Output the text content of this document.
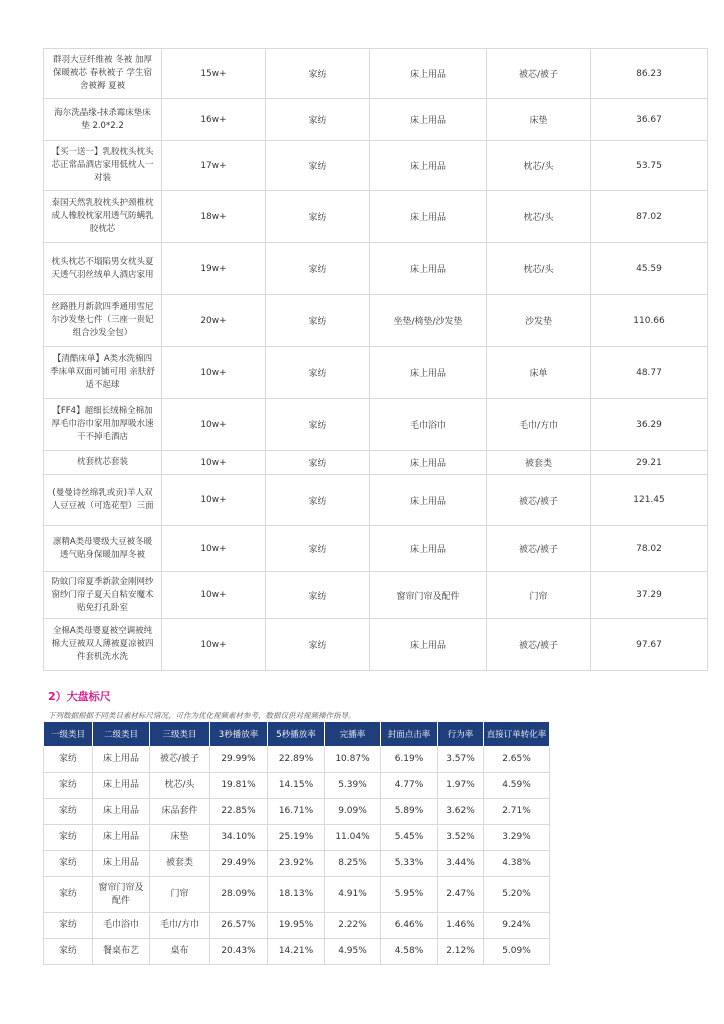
群羽大豆纤维被 冬被 加厚保暖被芯 春秋被子 学生宿舍被褥 夏被	15w+	家纺	床上用品	被芯/被子	86.23
海尔洗晶缘-抹杀霉床垫床垫 2.0*2.2	16w+	家纺	床上用品	床垫	36.67
【买一送一】乳胶枕头枕头芯正常品酒店家用低枕人一对装	17w+	家纺	床上用品	枕芯/头	53.75
泰国天然乳胶枕头护颈椎枕成人橡胶枕家用透气防螨乳胶枕芯	18w+	家纺	床上用品	枕芯/头	87.02
枕头枕芯不塌陷男女枕头夏天透气羽丝绒单人酒店家用	19w+	家纺	床上用品	枕芯/头	45.59
丝路胜月新款四季通用雪尼尔沙发垫七件（三座一贵妃组合沙发全包）	20w+	家纺	坐垫/椅垫/沙发垫	沙发垫	110.66
【清酷床单】A类水洗棉四季床单双面可铺可用 亲肤舒适不起球	10w+	家纺	床上用品	床单	48.77
【FF4】超细长绒棉全棉加厚毛巾浴巾家用加厚吸水速干不掉毛酒店	10w+	家纺	毛巾浴巾	毛巾/方巾	36.29
枕套枕芯套装	10w+	家纺	床上用品	被套类	29.21
(曼曼诗丝绵乳或贡)羊人双人豆豆被（可选花型）三面	10w+	家纺	床上用品	被芯/被子	121.45
凛精A类母婴级大豆被冬暖透气贴身保暖加厚冬被	10w+	家纺	床上用品	被芯/被子	78.02
防蚊门帘夏季新款金刚网纱窗纱门帘子夏天自粘安魔术贴免打孔卧室	10w+	家纺	窗帘门帘及配件	门帘	37.29
全棉A类母婴夏被空调被纯棉大豆被双人薄被夏凉被四件套机洗水洗	10w+	家纺	床上用品	被芯/被子	97.67
2）大盘标尺
下列数据根据不同类目素材标尺情况，可作为优化视频素材参考，数据仅供对视频操作指导。
一级类目	二级类目	三级类目	3秒播放率	5秒播放率	完播率	封面点击率	行为率	直接订单转化率
家纺	床上用品	被芯/被子	29.99%	22.89%	10.87%	6.19%	3.57%	2.65%
家纺	床上用品	枕芯/头	19.81%	14.15%	5.39%	4.77%	1.97%	4.59%
家纺	床上用品	床品套件	22.85%	16.71%	9.09%	5.89%	3.62%	2.71%
家纺	床上用品	床垫	34.10%	25.19%	11.04%	5.45%	3.52%	3.29%
家纺	床上用品	被套类	29.49%	23.92%	8.25%	5.33%	3.44%	4.38%
家纺	窗帘门帘及配件	门帘	28.09%	18.13%	4.91%	5.95%	2.47%	5.20%
家纺	毛巾浴巾	毛巾/方巾	26.57%	19.95%	2.22%	6.46%	1.46%	9.24%
家纺	餐桌布艺	桌布	20.43%	14.21%	4.95%	4.58%	2.12%	5.09%
